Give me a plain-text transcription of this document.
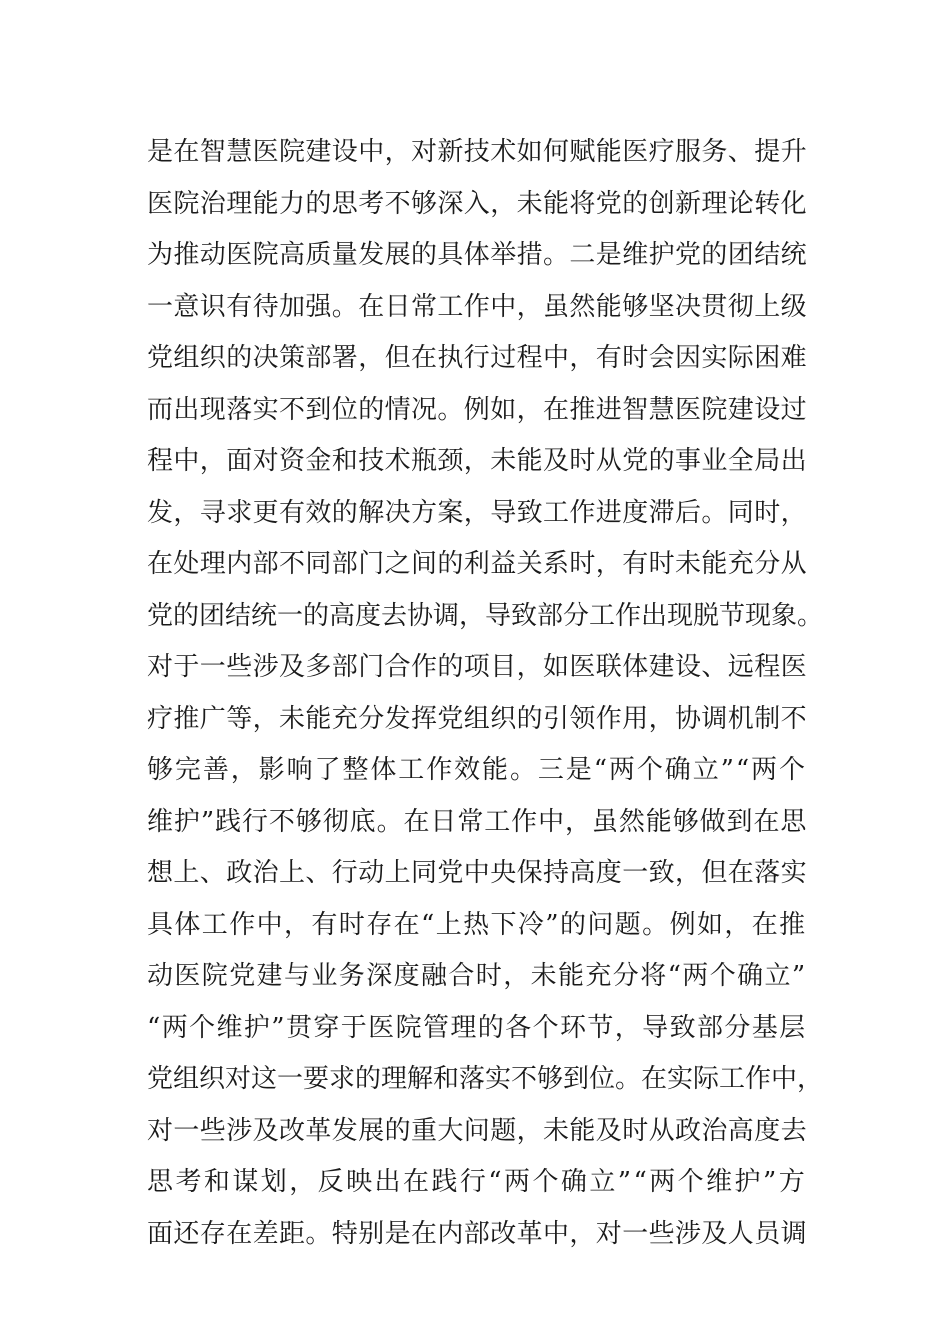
是在智慧医院建设中，对新技术如何赋能医疗服务、提升
医院治理能力的思考不够深入，未能将党的创新理论转化
为推动医院高质量发展的具体举措。二是维护党的团结统
一意识有待加强。在日常工作中，虽然能够坚决贯彻上级
党组织的决策部署，但在执行过程中，有时会因实际困难
而出现落实不到位的情况。例如，在推进智慧医院建设过
程中，面对资金和技术瓶颈，未能及时从党的事业全局出
发，寻求更有效的解决方案，导致工作进度滞后。同时，
在处理内部不同部门之间的利益关系时，有时未能充分从
党的团结统一的高度去协调，导致部分工作出现脱节现象。
对于一些涉及多部门合作的项目，如医联体建设、远程医
疗推广等，未能充分发挥党组织的引领作用，协调机制不
够完善，影响了整体工作效能。三是“两个确立”“两个
维护”践行不够彻底。在日常工作中，虽然能够做到在思
想上、政治上、行动上同党中央保持高度一致，但在落实
具体工作中，有时存在“上热下冷”的问题。例如，在推
动医院党建与业务深度融合时，未能充分将“两个确立”
“两个维护”贯穿于医院管理的各个环节，导致部分基层
党组织对这一要求的理解和落实不够到位。在实际工作中，
对一些涉及改革发展的重大问题，未能及时从政治高度去
思考和谋划，反映出在践行“两个确立”“两个维护”方
面还存在差距。特别是在内部改革中，对一些涉及人员调
